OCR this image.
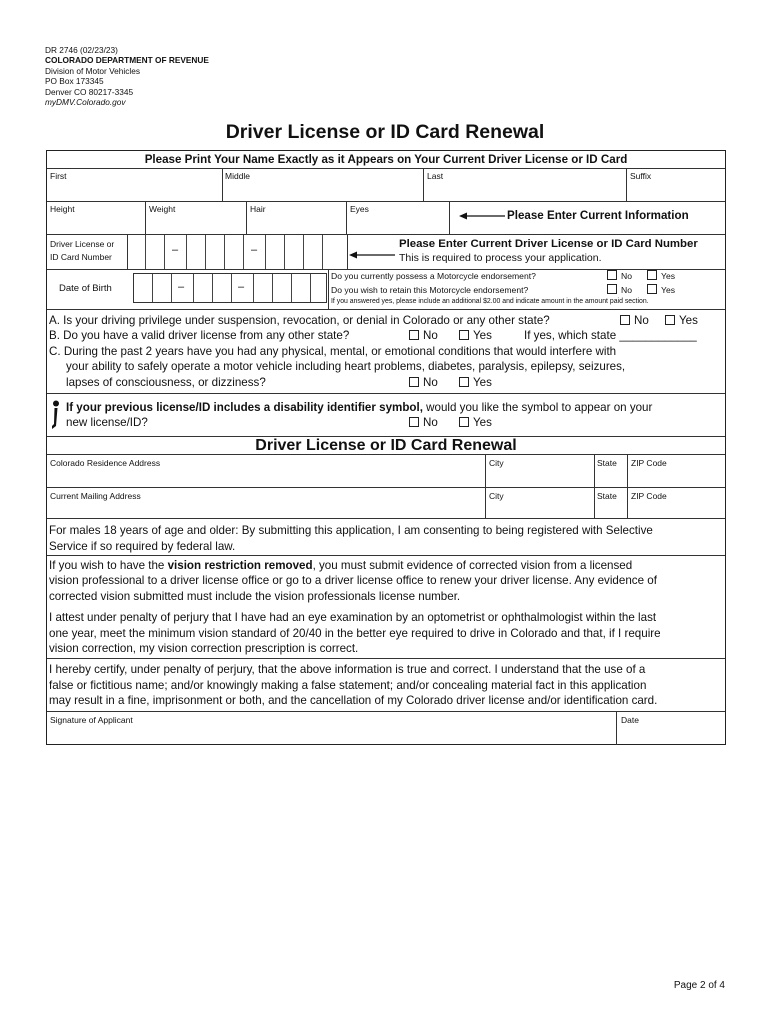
DR 2746 (02/23/23)
COLORADO DEPARTMENT OF REVENUE
Division of Motor Vehicles
PO Box 173345
Denver CO 80217-3345
myDMV.Colorado.gov
Driver License or ID Card Renewal
Please Print Your Name Exactly as it Appears on Your Current Driver License or ID Card
First	Middle	Last	Suffix
Height	Weight	Hair	Eyes	Please Enter Current Information
Driver License or
ID Card Number
–	–	Please Enter Current Driver License or ID Card Number
This is required to process your application.
Date of Birth	–	–
Do you currently possess a Motorcycle endorsement?	No	Yes
Do you wish to retain this Motorcycle endorsement?	No	Yes
If you answered yes, please include an additional $2.00 and indicate amount in the amount paid section.
A. Is your driving privilege under suspension, revocation, or denial in Colorado or any other state?	No	Yes
B. Do you have a valid driver license from any other state?	No	Yes	If yes, which state ____________
C. During the past 2 years have you had any physical, mental, or emotional conditions that would interfere with
your ability to safely operate a motor vehicle including heart problems, diabetes, paralysis, epilepsy, seizures,
lapses of consciousness, or dizziness?	No	Yes
If your previous license/ID includes a disability identifier symbol, would you like the symbol to appear on your
new license/ID?	No	Yes
Driver License or ID Card Renewal
Colorado Residence Address	City	State ZIP Code
Current Mailing Address	City	State ZIP Code
For males 18 years of age and older: By submitting this application, I am consenting to being registered with Selective
Service if so required by federal law.
If you wish to have the vision restriction removed, you must submit evidence of corrected vision from a licensed
vision professional to a driver license office or go to a driver license office to renew your driver license. Any evidence of
corrected vision submitted must include the vision professionals license number.
I attest under penalty of perjury that I have had an eye examination by an optometrist or ophthalmologist within the last
one year, meet the minimum vision standard of 20/40 in the better eye required to drive in Colorado and that, if I require
vision correction, my vision correction prescription is correct.
I hereby certify, under penalty of perjury, that the above information is true and correct. I understand that the use of a
false or fictitious name; and/or knowingly making a false statement; and/or concealing material fact in this application
may result in a fine, imprisonment or both, and the cancellation of my Colorado driver license and/or identification card.
Signature of Applicant	Date
Page 2 of 4
